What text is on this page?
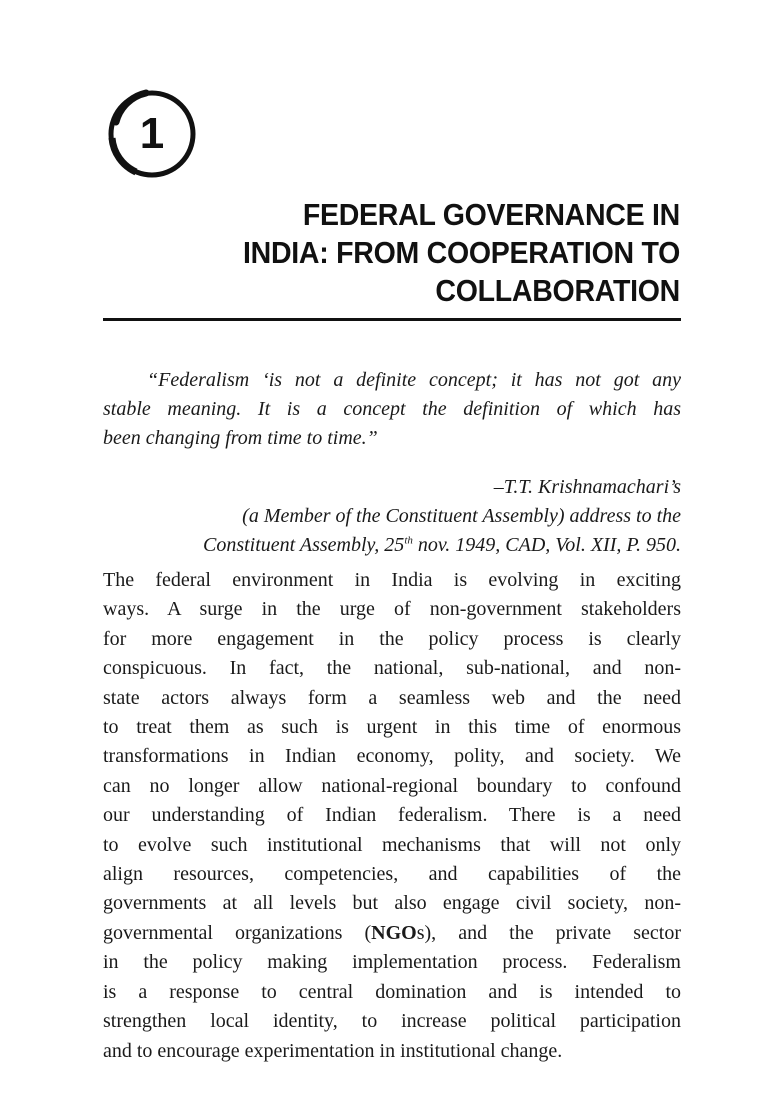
1
FEDERAL GOVERNANCE IN
INDIA: FROM COOPERATION TO
COLLABORATION
“Federalism ‘is not a definite concept; it has not got any
stable meaning. It is a concept the definition of which has
been changing from time to time.”
–T.T. Krishnamachari’s
(a Member of the Constituent Assembly) address to the
Constituent Assembly, 25th nov. 1949, CAD, Vol. XII, P. 950.
The federal environment in India is evolving in exciting
ways. A surge in the urge of non-government stakeholders
for more engagement in the policy process is clearly
conspicuous. In fact, the national, sub-national, and non-
state actors always form a seamless web and the need
to treat them as such is urgent in this time of enormous
transformations in Indian economy, polity, and society. We
can no longer allow national-regional boundary to confound
our understanding of Indian federalism. There is a need
to evolve such institutional mechanisms that will not only
align resources, competencies, and capabilities of the
governments at all levels but also engage civil society, non-
governmental organizations (NGOs), and the private sector
in the policy making implementation process. Federalism
is a response to central domination and is intended to
strengthen local identity, to increase political participation
and to encourage experimentation in institutional change.
